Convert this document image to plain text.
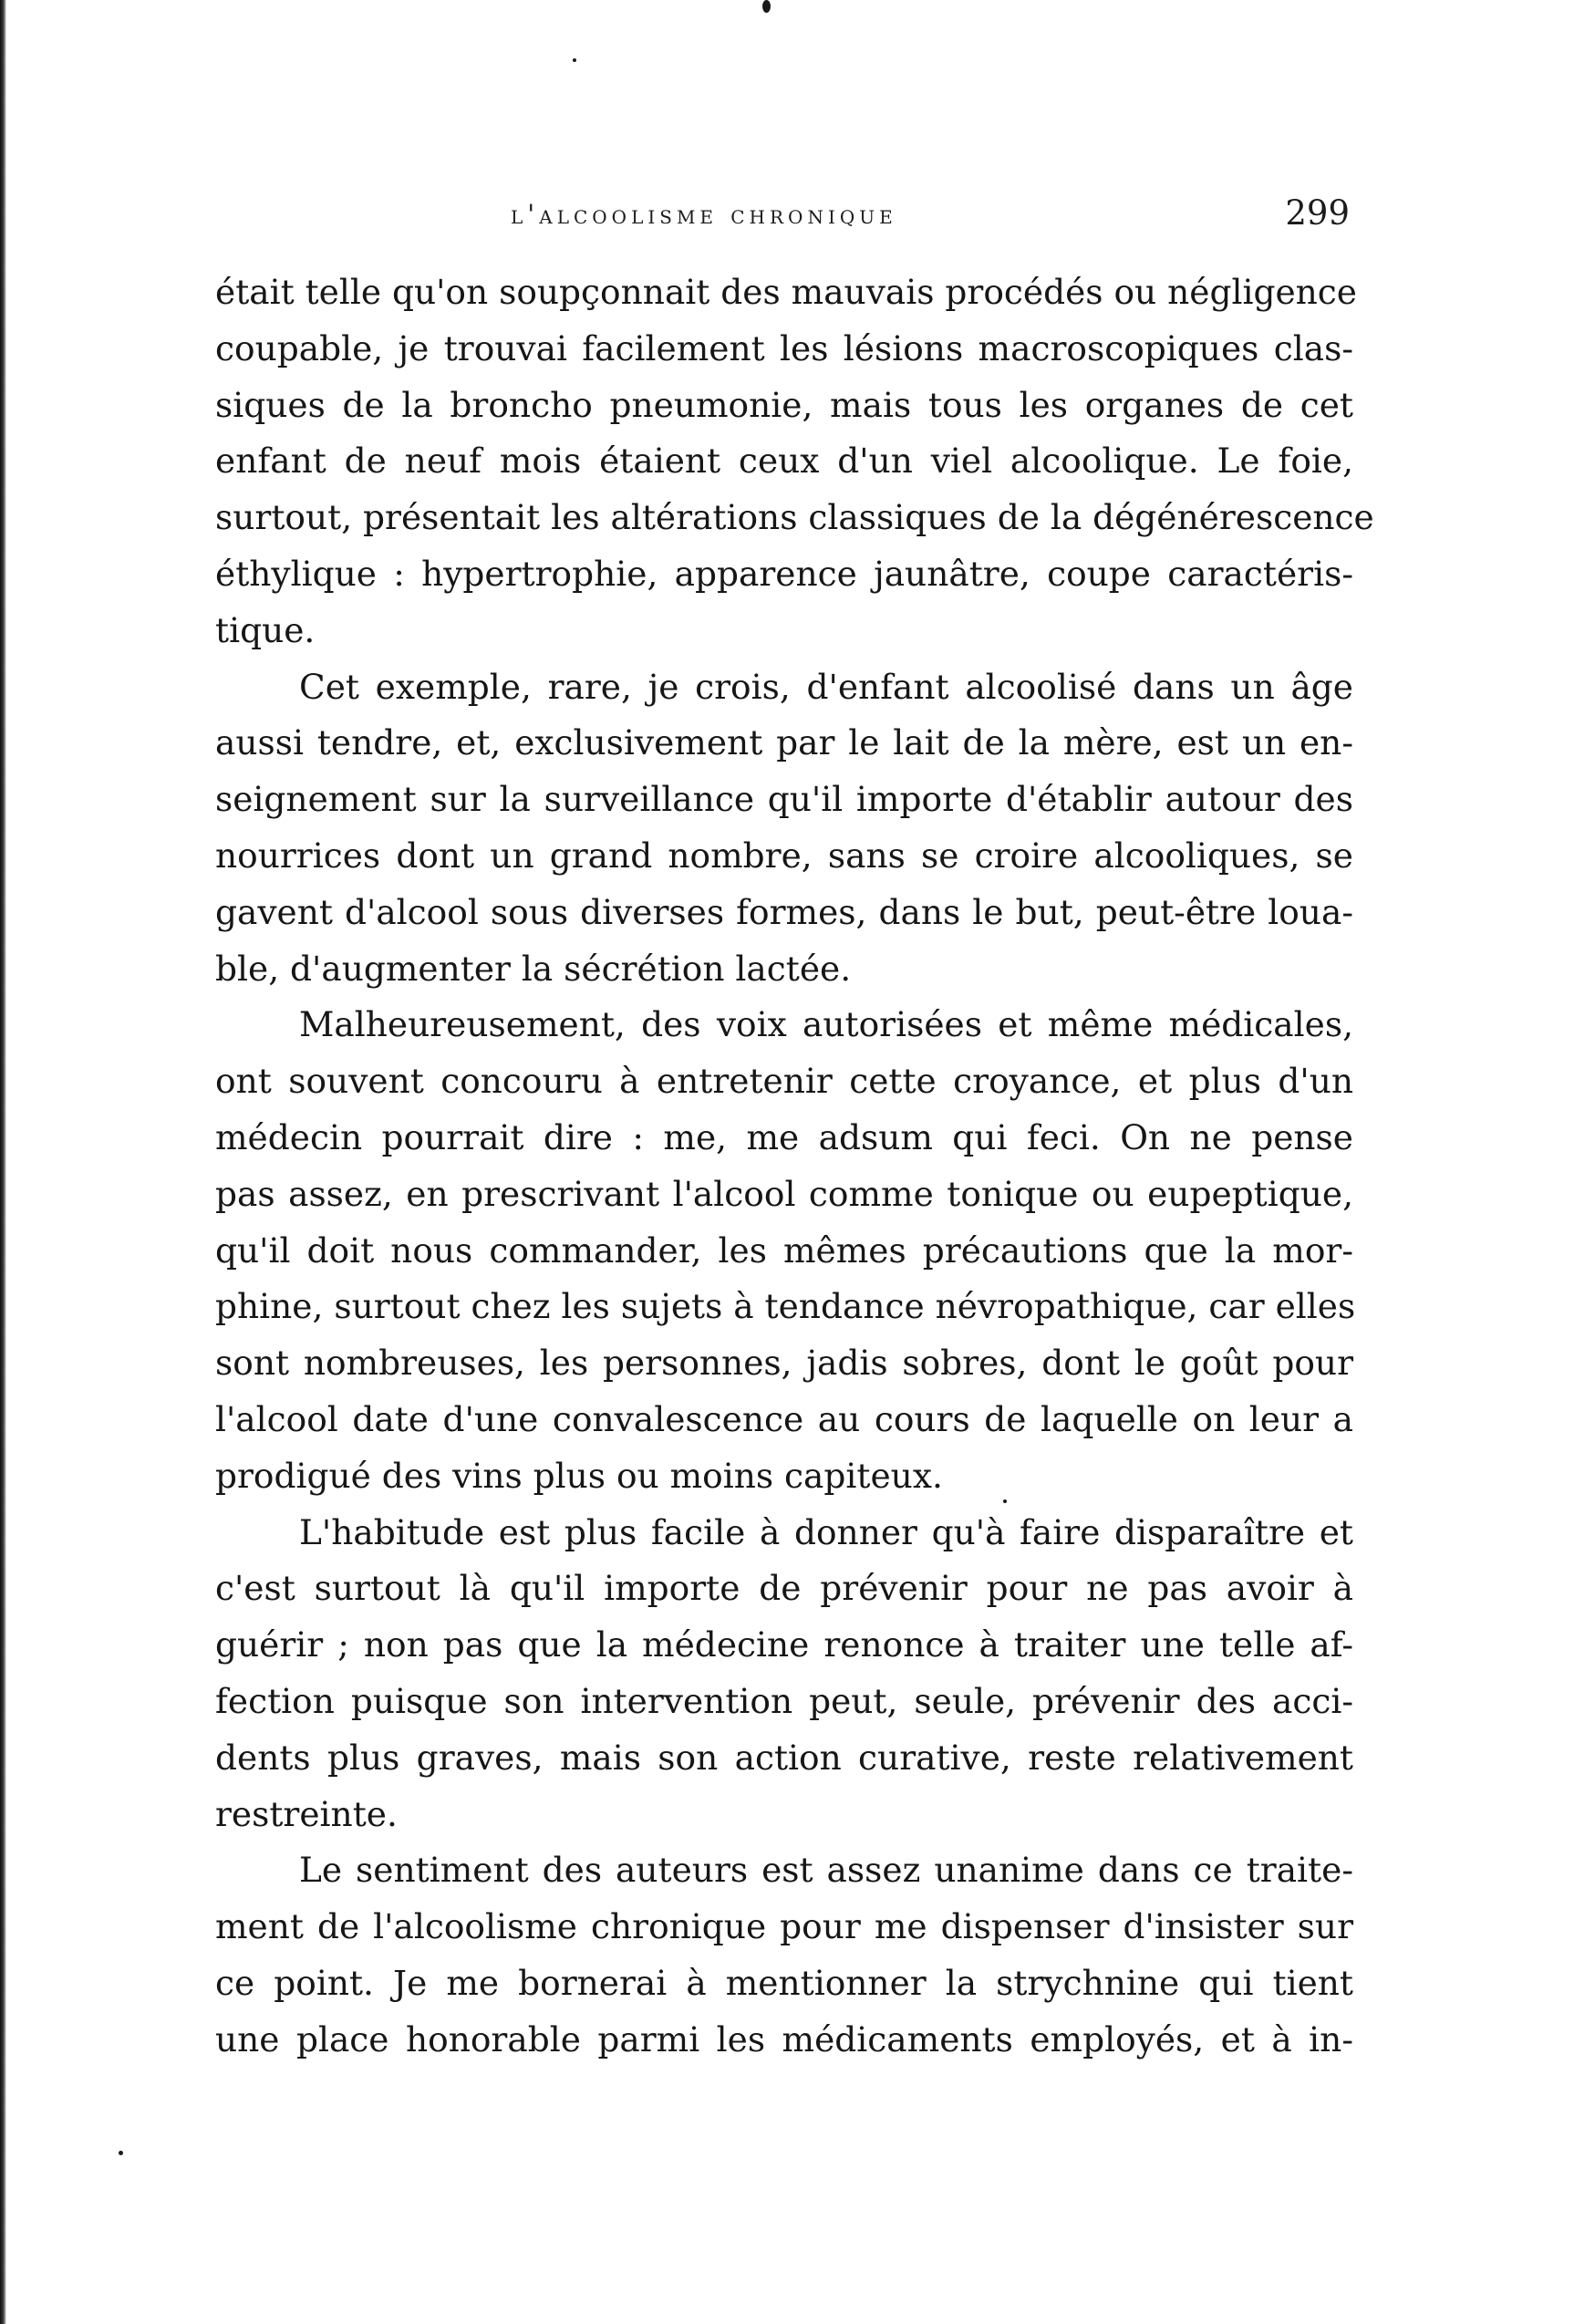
l'alcoolisme chronique	299
était telle qu'on soupçonnait des mauvais procédés ou négligence
coupable, je trouvai facilement les lésions macroscopiques clas-
siques de la broncho pneumonie, mais tous les organes de cet
enfant de neuf mois étaient ceux d'un viel alcoolique. Le foie,
surtout, présentait les altérations classiques de la dégénérescence
éthylique : hypertrophie, apparence jaunâtre, coupe caractéris-
tique.
Cet exemple, rare, je crois, d'enfant alcoolisé dans un âge
aussi tendre, et, exclusivement par le lait de la mère, est un en-
seignement sur la surveillance qu'il importe d'établir autour des
nourrices dont un grand nombre, sans se croire alcooliques, se
gavent d'alcool sous diverses formes, dans le but, peut-être loua-
ble, d'augmenter la sécrétion lactée.
Malheureusement, des voix autorisées et même médicales,
ont souvent concouru à entretenir cette croyance, et plus d'un
médecin pourrait dire : me, me adsum qui feci. On ne pense
pas assez, en prescrivant l'alcool comme tonique ou eupeptique,
qu'il doit nous commander, les mêmes précautions que la mor-
phine, surtout chez les sujets à tendance névropathique, car elles
sont nombreuses, les personnes, jadis sobres, dont le goût pour
l'alcool date d'une convalescence au cours de laquelle on leur a
prodigué des vins plus ou moins capiteux.
L'habitude est plus facile à donner qu'à faire disparaître et
c'est surtout là qu'il importe de prévenir pour ne pas avoir à
guérir ; non pas que la médecine renonce à traiter une telle af-
fection puisque son intervention peut, seule, prévenir des acci-
dents plus graves, mais son action curative, reste relativement
restreinte.
Le sentiment des auteurs est assez unanime dans ce traite-
ment de l'alcoolisme chronique pour me dispenser d'insister sur
ce point. Je me bornerai à mentionner la strychnine qui tient
une place honorable parmi les médicaments employés, et à in-
